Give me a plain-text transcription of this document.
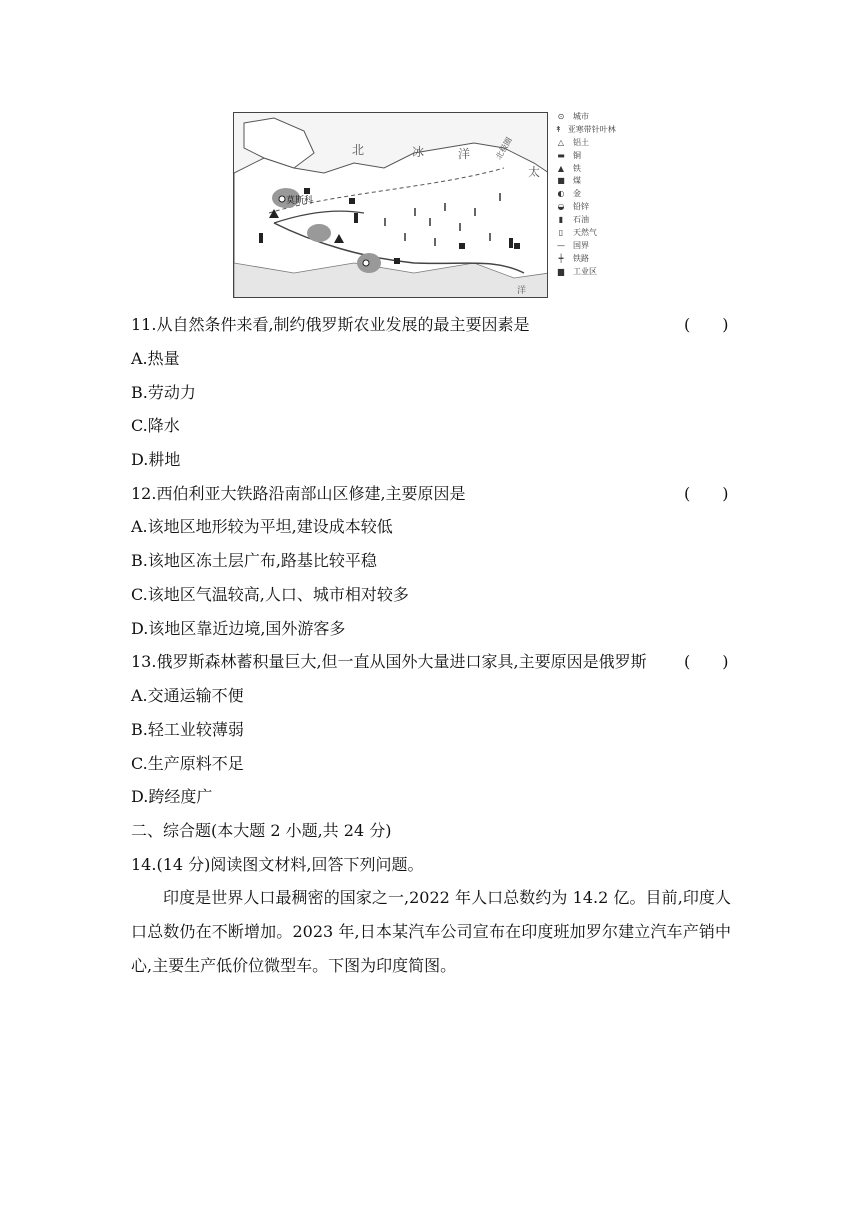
北	冰	洋
太
洋
北极圈
莫斯科
⊙	城市
↟ 亚寒带针叶林
△	铝土
▬ 铜
▲	铁
■ 煤
◐	金
◒	铅锌
▮	石油
▯	天然气
— 国界
┿	铁路
▆	工业区
11.从自然条件来看,制约俄罗斯农业发展的最主要因素是	(　　)
A.热量
B.劳动力
C.降水
D.耕地
12.西伯利亚大铁路沿南部山区修建,主要原因是	(　　)
A.该地区地形较为平坦,建设成本较低
B.该地区冻土层广布,路基比较平稳
C.该地区气温较高,人口、城市相对较多
D.该地区靠近边境,国外游客多
13.俄罗斯森林蓄积量巨大,但一直从国外大量进口家具,主要原因是俄罗斯 (　　)
A.交通运输不便
B.轻工业较薄弱
C.生产原料不足
D.跨经度广
二、综合题(本大题 2 小题,共 24 分)
14.(14 分)阅读图文材料,回答下列问题。
印度是世界人口最稠密的国家之一,2022 年人口总数约为 14.2 亿。目前,印度人口总数仍在不断增加。2023 年,日本某汽车公司宣布在印度班加罗尔建立汽车产销中心,主要生产低价位微型车。下图为印度简图。
